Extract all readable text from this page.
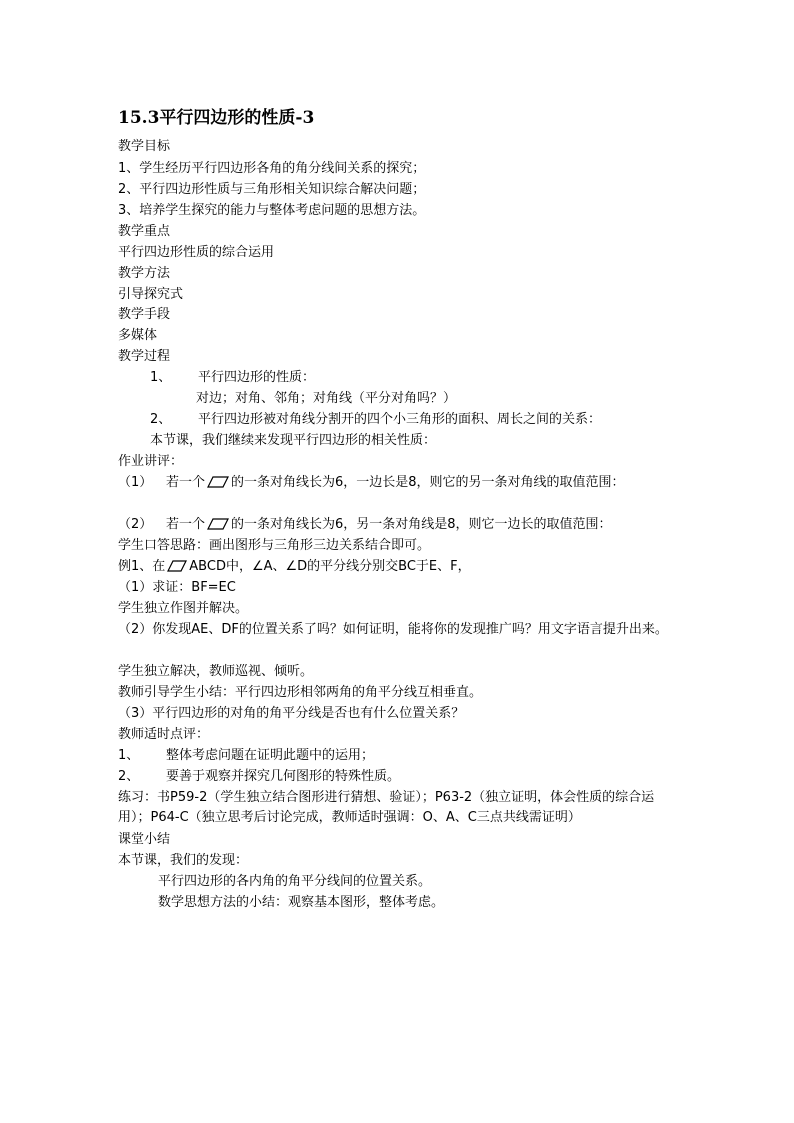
15.3平行四边形的性质-3
教学目标
1、学生经历平行四边形各角的角分线间关系的探究；
2、平行四边形性质与三角形相关知识综合解决问题；
3、培养学生探究的能力与整体考虑问题的思想方法。
教学重点
平行四边形性质的综合运用
教学方法
引导探究式
教学手段
多媒体
教学过程
1、 平行四边形的性质：
对边；对角、邻角；对角线（平分对角吗？）
2、 平行四边形被对角线分割开的四个小三角形的面积、周长之间的关系：
本节课，我们继续来发现平行四边形的相关性质：
作业讲评：
（1） 若一个 的一条对角线长为6，一边长是8，则它的另一条对角线的取值范围：
（2） 若一个 的一条对角线长为6，另一条对角线是8，则它一边长的取值范围：
学生口答思路：画出图形与三角形三边关系结合即可。
例1、在 ABCD中，∠A、∠D的平分线分别交BC于E、F，
（1）求证：BF=EC
学生独立作图并解决。
（2）你发现AE、DF的位置关系了吗？如何证明，能将你的发现推广吗？用文字语言提升出来。
学生独立解决，教师巡视、倾听。
教师引导学生小结：平行四边形相邻两角的角平分线互相垂直。
（3）平行四边形的对角的角平分线是否也有什么位置关系？
教师适时点评：
1、 整体考虑问题在证明此题中的运用；
2、 要善于观察并探究几何图形的特殊性质。
练习：书P59-2（学生独立结合图形进行猜想、验证）；P63-2（独立证明，体会性质的综合运用）；P64-C（独立思考后讨论完成，教师适时强调：O、A、C三点共线需证明）
课堂小结
本节课，我们的发现：
平行四边形的各内角的角平分线间的位置关系。
数学思想方法的小结：观察基本图形，整体考虑。
